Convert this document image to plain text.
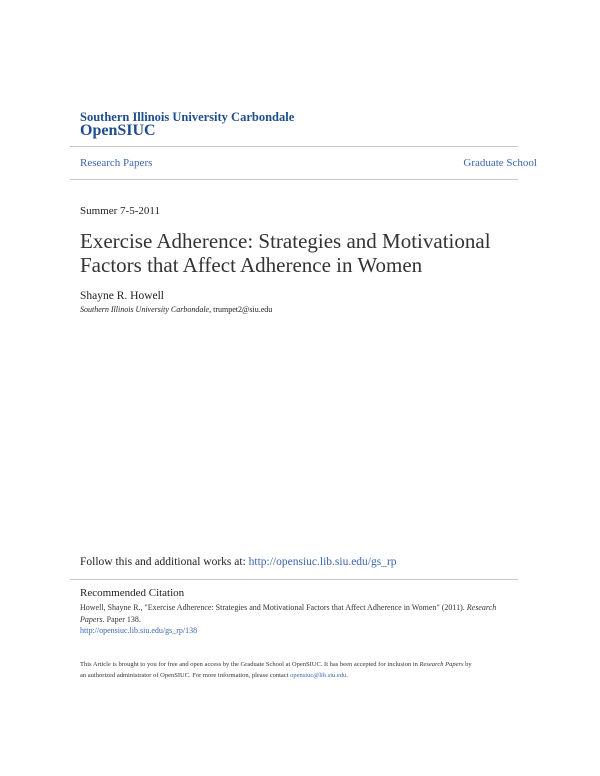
Southern Illinois University Carbondale
OpenSIUC
Research Papers	Graduate School
Summer 7-5-2011
Exercise Adherence: Strategies and Motivational Factors that Affect Adherence in Women
Shayne R. Howell
Southern Illinois University Carbondale, trumpet2@siu.edu
Follow this and additional works at: http://opensiuc.lib.siu.edu/gs_rp
Recommended Citation
Howell, Shayne R., "Exercise Adherence: Strategies and Motivational Factors that Affect Adherence in Women" (2011). Research
Papers. Paper 138.
http://opensiuc.lib.siu.edu/gs_rp/138
This Article is brought to you for free and open access by the Graduate School at OpenSIUC. It has been accepted for inclusion in Research Papers by
an authorized administrator of OpenSIUC. For more information, please contact opensiuc@lib.siu.edu.
